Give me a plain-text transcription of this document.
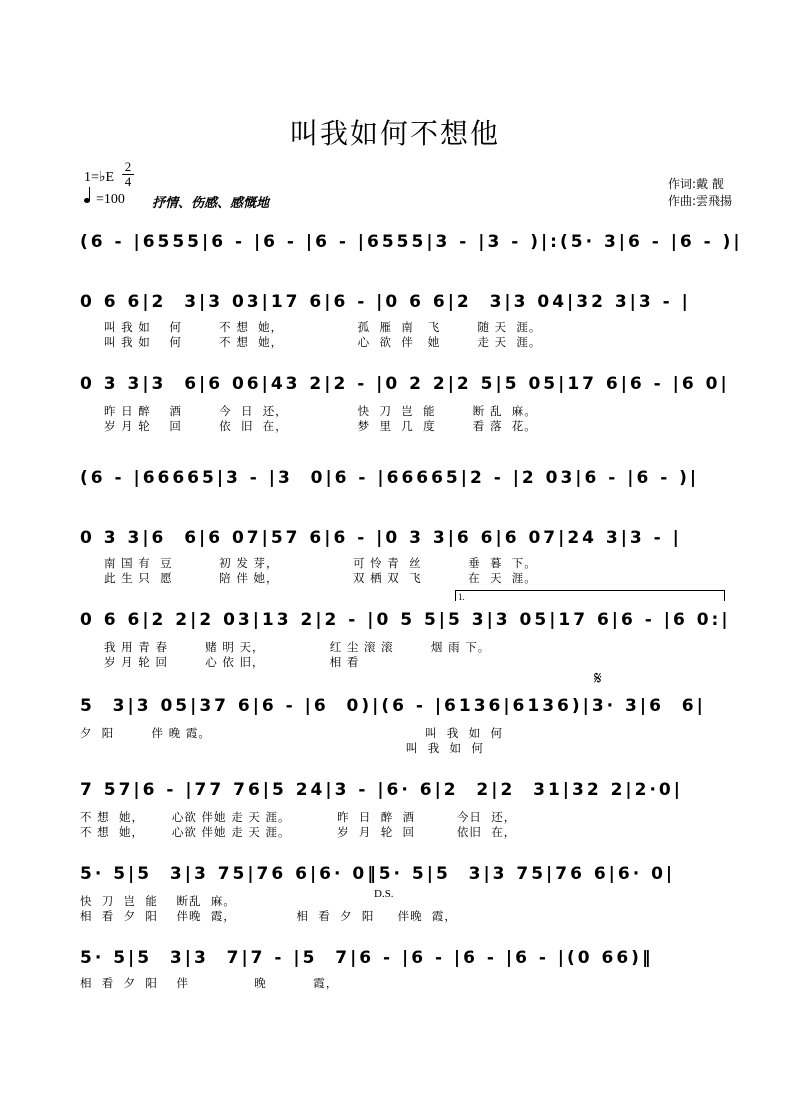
叫我如何不想他
1=♭E $\frac{2}{4}$
=100 抒情、伤感、感慨地
作词:戴 靓
作曲:雲飛揚
(6 - |6555|6 - |6 - |6 - |6555|3 - |3 - )|:(5· 3|6 - |6 - )|
0 6 6|2  3|3 03|17 6|6 - |0 6 6|2  3|3 04|32 3|3 - |
叫 我 如    何        不 想  她，                孤  雁  南   飞        随 天  涯。
叫 我 如    何        不 想  她，                心  欲  伴   她        走 天  涯。
0 3 3|3  6|6 06|43 2|2 - |0 2 2|2 5|5 05|17 6|6 - |6 0|
昨 日 醉    酒        今  日  还，               快  刀  岂  能        断 乱  麻。
岁 月 轮    回        依  旧  在，               梦  里  几  度        看 落  花。
(6 - |66665|3 - |3  0|6 - |66665|2 - |2 03|6 - |6 - )|
0 3 3|6  6|6 07|57 6|6 - |0 3 3|6 6|6 07|24 3|3 - |
南 国 有  豆          初 发 芽，                可 怜 青  丝          垂  暮  下。
此 生 只  愿          陪 伴 她，                双 栖 双  飞          在  天  涯。
1.
0 6 6|2 2|2 03|13 2|2 - |0 5 5|5 3|3 05|17 6|6 - |6 0:|
我 用 青 春        赌 明 天，              红 尘 滚 滚        烟 雨 下。
岁 月 轮 回        心 依 旧，              相 看
𝄋
5  3|3 05|37 6|6 - |6  0)|(6 - |6136|6136)|3· 3|6  6|
夕  阳        伴 晚 霞。                                              叫  我  如  何
叫  我  如  何
7 57|6 - |77 76|5 24|3 - |6· 6|2  2|2  31|32 2|2·0|
不 想  她，      心欲 伴她 走 天 涯。          昨  日  醉  酒         今日  还，
不 想  她，      心欲 伴她 走 天 涯。          岁  月  轮  回         依旧  在，
5· 5|5  3|3 75|76 6|6· 0‖5· 5|5  3|3 75|76 6|6· 0|
D.S.
快  刀  岂  能    断乱  麻。
相  看  夕  阳    伴晚  霞，             相  看  夕  阳     伴晚  霞，
5· 5|5  3|3  7|7 - |5  7|6 - |6 - |6 - |6 - |(0 66)‖
相  看  夕  阳    伴              晚          霞，
